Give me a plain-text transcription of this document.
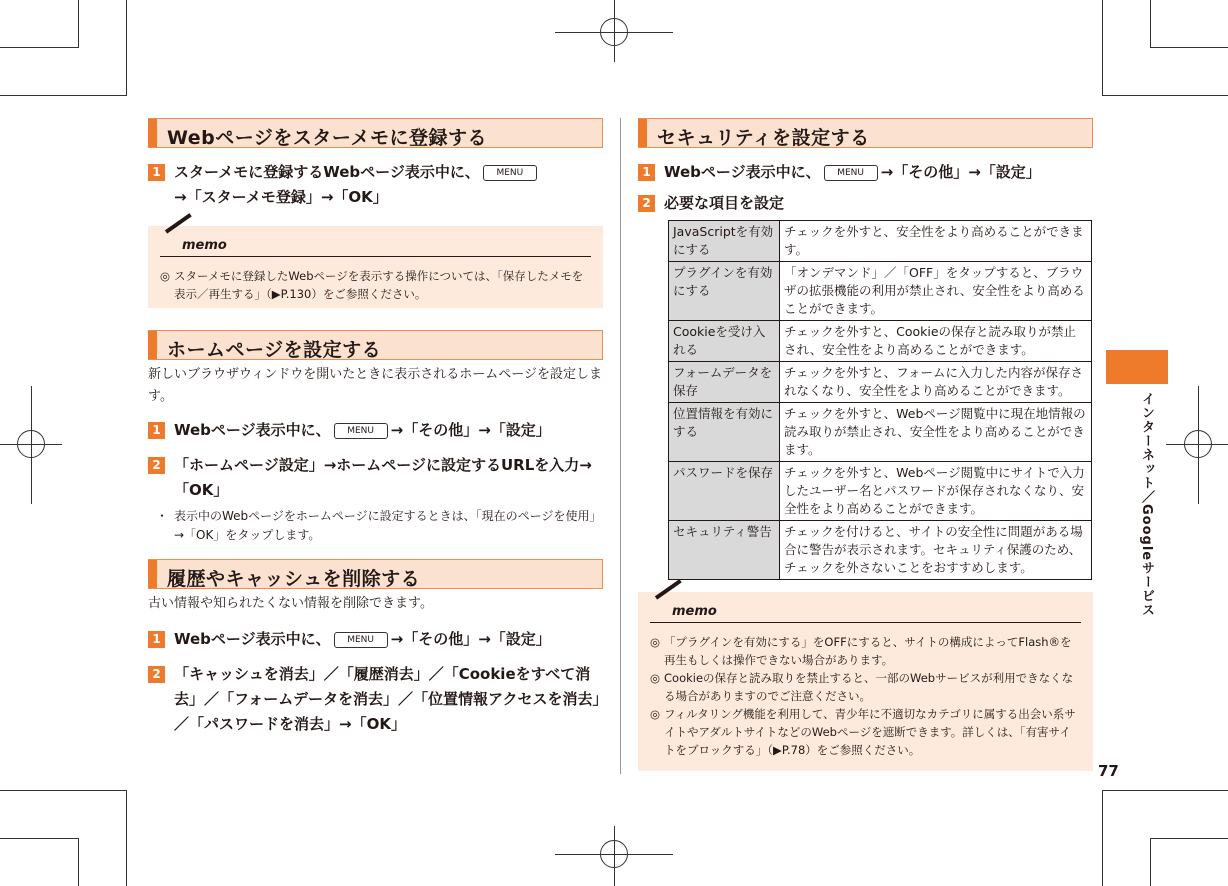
Webページをスターメモに登録する
1 スターメモに登録するWebページ表示中に、 MENU
→「スターメモ登録」→「OK」
memo
◎ スターメモに登録したWebページを表示する操作については、「保存したメモを表示／再生する」（▶P.130）をご参照ください。
ホームページを設定する
新しいブラウザウィンドウを開いたときに表示されるホームページを設定します。
1 Webページ表示中に、 MENU →「その他」→「設定」
2 「ホームページ設定」→ホームページに設定するURLを入力→「OK」
・ 表示中のWebページをホームページに設定するときは、「現在のページを使用」→「OK」をタップします。
履歴やキャッシュを削除する
古い情報や知られたくない情報を削除できます。
1 Webページ表示中に、 MENU →「その他」→「設定」
2 「キャッシュを消去」／「履歴消去」／「Cookieをすべて消去」／「フォームデータを消去」／「位置情報アクセスを消去」／「パスワードを消去」→「OK」
セキュリティを設定する
1 Webページ表示中に、 MENU →「その他」→「設定」
2 必要な項目を設定
JavaScriptを有効にする	チェックを外すと、安全性をより高めることができます。
プラグインを有効にする	「オンデマンド」／「OFF」をタップすると、ブラウザの拡張機能の利用が禁止され、安全性をより高めることができます。
Cookieを受け入れる	チェックを外すと、Cookieの保存と読み取りが禁止され、安全性をより高めることができます。
フォームデータを保存	チェックを外すと、フォームに入力した内容が保存されなくなり、安全性をより高めることができます。
位置情報を有効にする	チェックを外すと、Webページ閲覧中に現在地情報の読み取りが禁止され、安全性をより高めることができます。
パスワードを保存	チェックを外すと、Webページ閲覧中にサイトで入力したユーザー名とパスワードが保存されなくなり、安全性をより高めることができます。
セキュリティ警告	チェックを付けると、サイトの安全性に問題がある場合に警告が表示されます。セキュリティ保護のため、チェックを外さないことをおすすめします。
memo
◎ 「プラグインを有効にする」をOFFにすると、サイトの構成によってFlash®を再生もしくは操作できない場合があります。
◎ Cookieの保存と読み取りを禁止すると、一部のWebサービスが利用できなくなる場合がありますのでご注意ください。
◎ フィルタリング機能を利用して、青少年に不適切なカテゴリに属する出会い系サイトやアダルトサイトなどのWebページを遮断できます。詳しくは、「有害サイトをブロックする」（▶P.78）をご参照ください。
インターネット／Googleサービス
77
